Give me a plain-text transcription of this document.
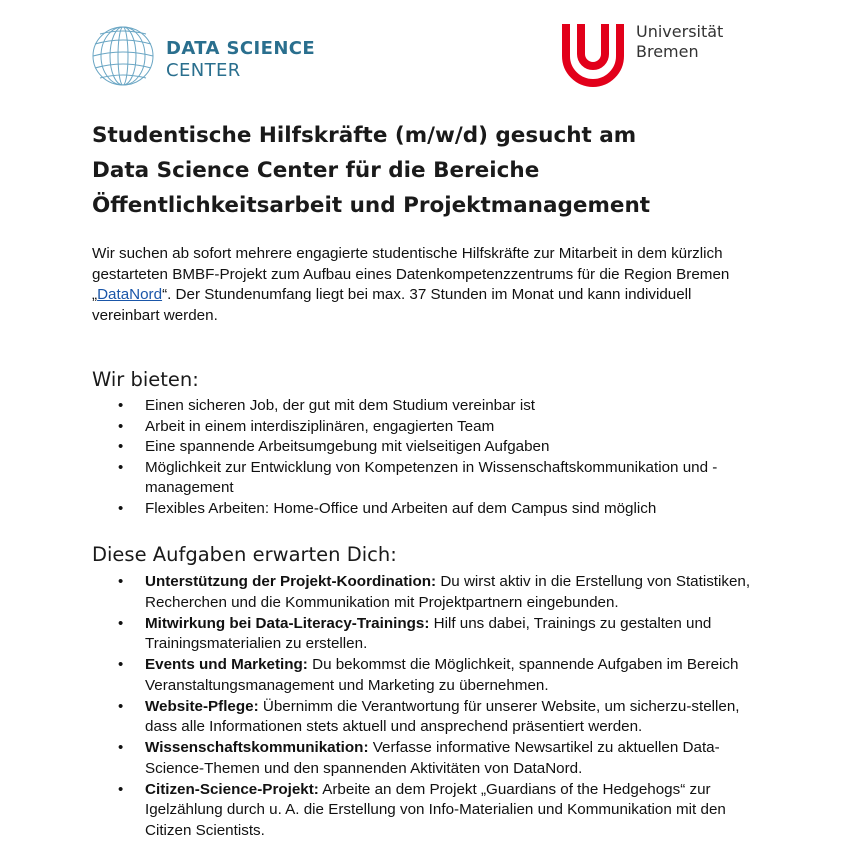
DATA SCIENCE
CENTER
Universität
Bremen
Studentische Hilfskräfte (m/w/d) gesucht am
Data Science Center für die Bereiche
Öffentlichkeitsarbeit und Projektmanagement

Wir suchen ab sofort mehrere engagierte studentische Hilfskräfte zur Mitarbeit in dem kürzlich gestarteten BMBF-Projekt zum Aufbau eines Datenkompetenzzentrums für die Region Bremen „DataNord“. Der Stundenumfang liegt bei max. 37 Stunden im Monat und kann individuell vereinbart werden.

Wir bieten:
• Einen sicheren Job, der gut mit dem Studium vereinbar ist
• Arbeit in einem interdisziplinären, engagierten Team
• Eine spannende Arbeitsumgebung mit vielseitigen Aufgaben
• Möglichkeit zur Entwicklung von Kompetenzen in Wissenschaftskommunikation und -management
• Flexibles Arbeiten: Home-Office und Arbeiten auf dem Campus sind möglich
Diese Aufgaben erwarten Dich:
• Unterstützung der Projekt-Koordination: Du wirst aktiv in die Erstellung von Statistiken, Recherchen und die Kommunikation mit Projektpartnern eingebunden.
• Mitwirkung bei Data-Literacy-Trainings: Hilf uns dabei, Trainings zu gestalten und Trainingsmaterialien zu erstellen.
• Events und Marketing: Du bekommst die Möglichkeit, spannende Aufgaben im Bereich Veranstaltungsmanagement und Marketing zu übernehmen.
• Website-Pflege: Übernimm die Verantwortung für unserer Website, um sicherzu-stellen, dass alle Informationen stets aktuell und ansprechend präsentiert werden.
• Wissenschaftskommunikation: Verfasse informative Newsartikel zu aktuellen Data-Science-Themen und den spannenden Aktivitäten von DataNord.
• Citizen-Science-Projekt: Arbeite an dem Projekt „Guardians of the Hedgehogs“ zur Igelzählung durch u. A. die Erstellung von Info-Materialien und Kommunikation mit den Citizen Scientists.
